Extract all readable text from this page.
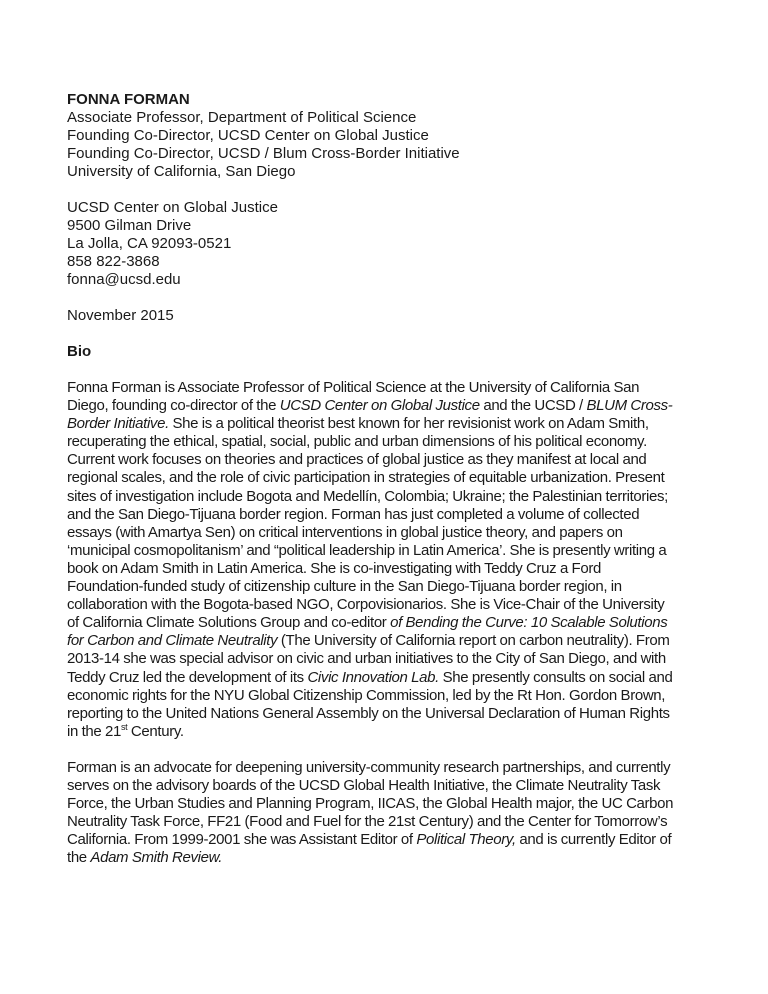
FONNA FORMAN
Associate Professor, Department of Political Science
Founding Co-Director, UCSD Center on Global Justice
Founding Co-Director, UCSD / Blum Cross-Border Initiative
University of California, San Diego
UCSD Center on Global Justice
9500 Gilman Drive
La Jolla, CA 92093-0521
858 822-3868
fonna@ucsd.edu
November 2015
Bio
Fonna Forman is Associate Professor of Political Science at the University of California San
Diego, founding co-director of the UCSD Center on Global Justice and the UCSD / BLUM Cross-
Border Initiative. She is a political theorist best known for her revisionist work on Adam Smith,
recuperating the ethical, spatial, social, public and urban dimensions of his political economy.
Current work focuses on theories and practices of global justice as they manifest at local and
regional scales, and the role of civic participation in strategies of equitable urbanization. Present
sites of investigation include Bogota and Medellín, Colombia; Ukraine; the Palestinian territories;
and the San Diego-Tijuana border region. Forman has just completed a volume of collected
essays (with Amartya Sen) on critical interventions in global justice theory, and papers on
‘municipal cosmopolitanism’ and “political leadership in Latin America’. She is presently writing a
book on Adam Smith in Latin America. She is co-investigating with Teddy Cruz a Ford
Foundation-funded study of citizenship culture in the San Diego-Tijuana border region, in
collaboration with the Bogota-based NGO, Corpovisionarios. She is Vice-Chair of the University
of California Climate Solutions Group and co-editor of Bending the Curve: 10 Scalable Solutions
for Carbon and Climate Neutrality (The University of California report on carbon neutrality). From
2013-14 she was special advisor on civic and urban initiatives to the City of San Diego, and with
Teddy Cruz led the development of its Civic Innovation Lab. She presently consults on social and
economic rights for the NYU Global Citizenship Commission, led by the Rt Hon. Gordon Brown,
reporting to the United Nations General Assembly on the Universal Declaration of Human Rights
in the 21st Century.
Forman is an advocate for deepening university-community research partnerships, and currently
serves on the advisory boards of the UCSD Global Health Initiative, the Climate Neutrality Task
Force, the Urban Studies and Planning Program, IICAS, the Global Health major, the UC Carbon
Neutrality Task Force, FF21 (Food and Fuel for the 21st Century) and the Center for Tomorrow’s
California. From 1999-2001 she was Assistant Editor of Political Theory, and is currently Editor of
the Adam Smith Review.
